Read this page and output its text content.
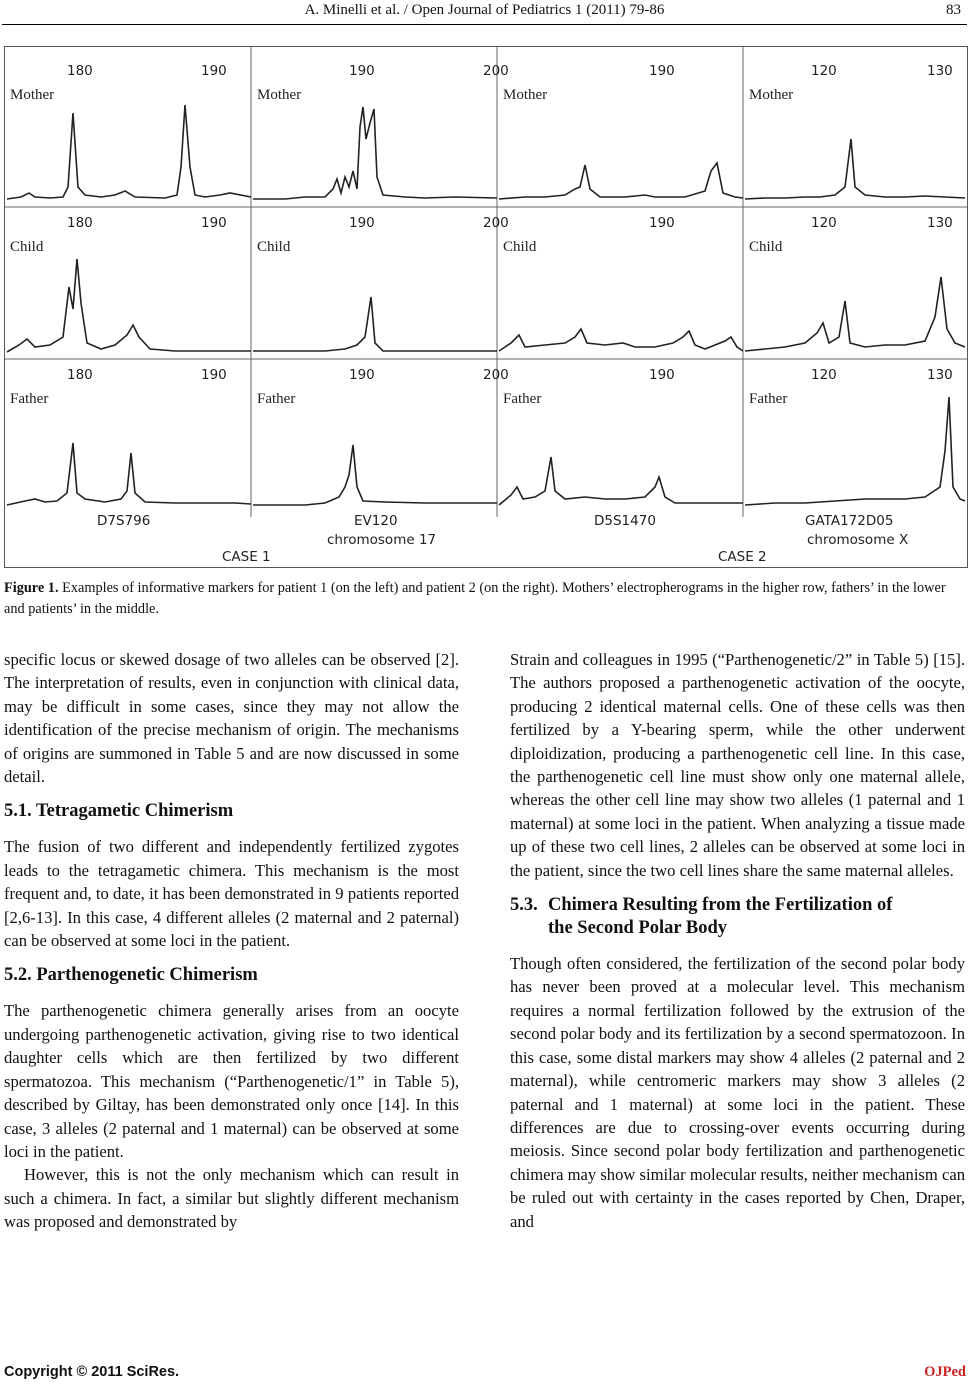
A. Minelli et al. / Open Journal of Pediatrics 1 (2011) 79-86	83
180	190	190	200	190	120	130
Mother	Mother	Mother	Mother
180	190	190	200	190	120	130
Child	Child	Child	Child
180	190	190	200	190	120	130
Father	Father	Father	Father
D7S796	EV120
chromosome 17
D5S1470	GATA172D05
chromosome X
CASE 1	CASE 2
Figure 1. Examples of informative markers for patient 1 (on the left) and patient 2 (on the right). Mothers’ electropherograms in the higher row, fathers’ in the lower and patients’ in the middle.

specific locus or skewed dosage of two alleles can be observed [2]. The interpretation of results, even in conjunction with clinical data, may be difficult in some cases, since they may not allow the identification of the precise mechanism of origin. The mechanisms of origins are summoned in Table 5 and are now discussed in some detail.

5.1. Tetragametic Chimerism

The fusion of two different and independently fertilized zygotes leads to the tetragametic chimera. This mechanism is the most frequent and, to date, it has been demonstrated in 9 patients reported [2,6-13]. In this case, 4 different alleles (2 maternal and 2 paternal) can be observed at some loci in the patient.

5.2. Parthenogenetic Chimerism

The parthenogenetic chimera generally arises from an oocyte undergoing parthenogenetic activation, giving rise to two identical daughter cells which are then fertilized by two different spermatozoa. This mechanism (“Parthenogenetic/1” in Table 5), described by Giltay, has been demonstrated only once [14]. In this case, 3 alleles (2 paternal and 1 maternal) can be observed at some loci in the patient.

However, this is not the only mechanism which can result in such a chimera. In fact, a similar but slightly different mechanism was proposed and demonstrated by

Strain and colleagues in 1995 (“Parthenogenetic/2” in Table 5) [15]. The authors proposed a parthenogenetic activation of the oocyte, producing 2 identical maternal cells. One of these cells was then fertilized by a Y-bearing sperm, while the other underwent diploidization, producing a parthenogenetic cell line. In this case, the parthenogenetic cell line must show only one maternal allele, whereas the other cell line may show two alleles (1 paternal and 1 maternal) at some loci in the patient. When analyzing a tissue made up of these two cell lines, 2 alleles can be observed at some loci in the patient, since the two cell lines share the same maternal alleles.

5.3. Chimera Resulting from the Fertilization of
the Second Polar Body

Though often considered, the fertilization of the second polar body has never been proved at a molecular level. This mechanism requires a normal fertilization followed by the extrusion of the second polar body and its fertilization by a second spermatozoon. In this case, some distal markers may show 4 alleles (2 paternal and 2 maternal), while centromeric markers may show 3 alleles (2 paternal and 1 maternal) at some loci in the patient. These differences are due to crossing-over events occurring during meiosis. Since second polar body fertilization and parthenogenetic chimera may show similar molecular results, neither mechanism can be ruled out with certainty in the cases reported by Chen, Draper, and

Copyright © 2011 SciRes.	OJPed
